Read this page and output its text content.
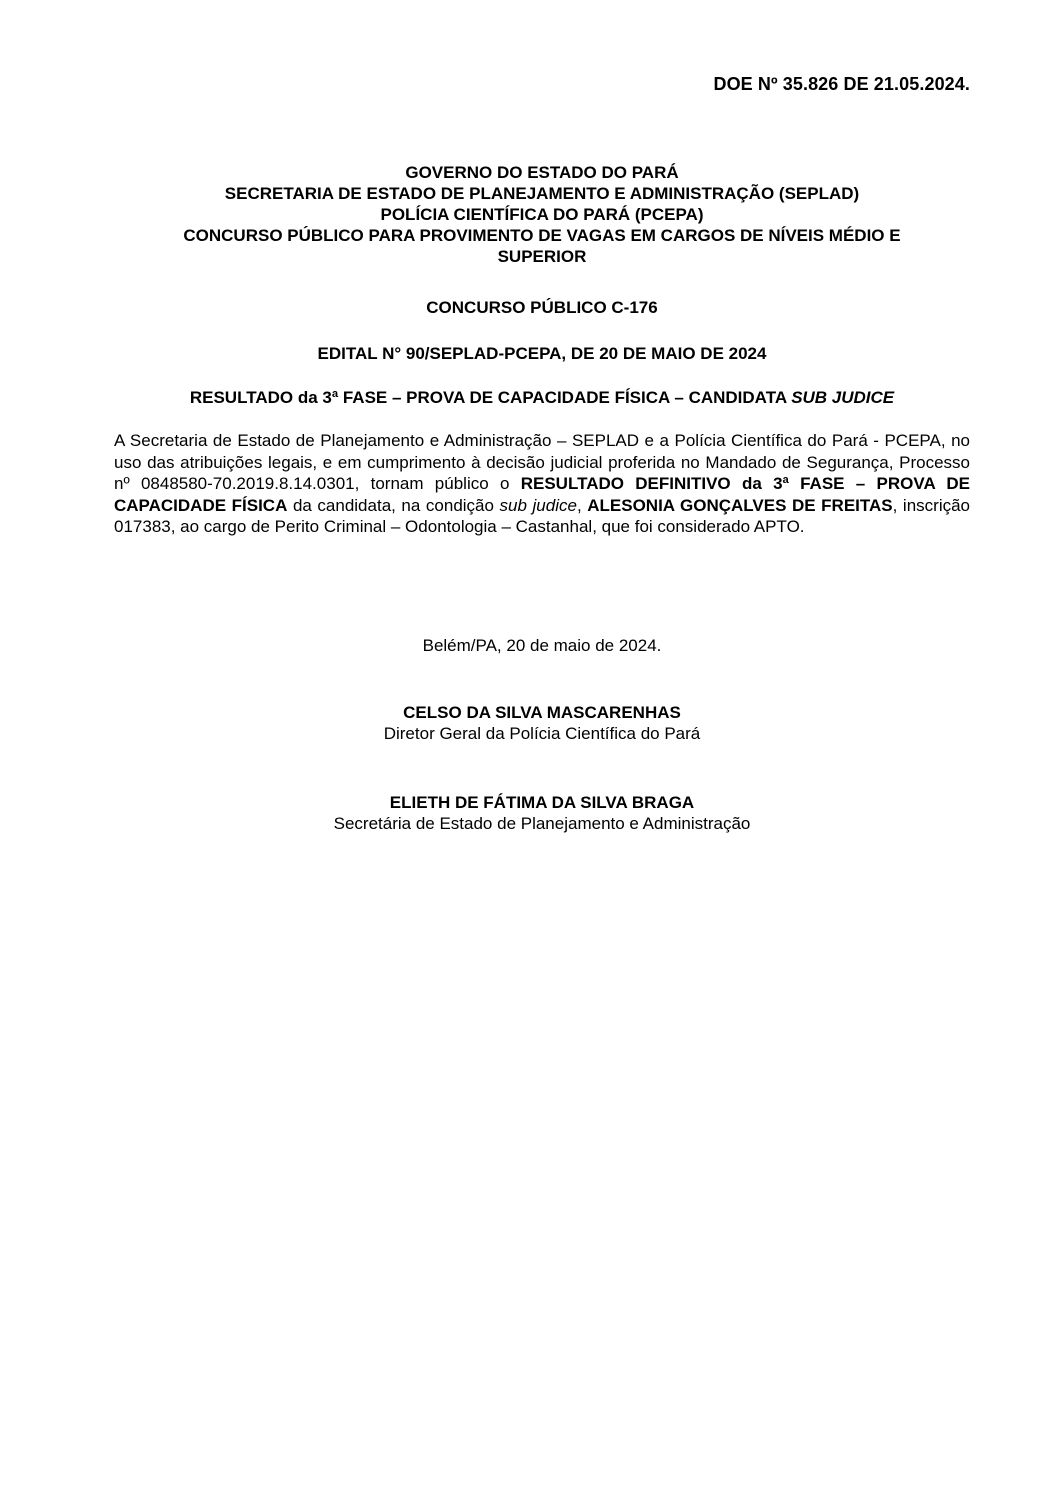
DOE Nº 35.826 DE 21.05.2024.
GOVERNO DO ESTADO DO PARÁ
SECRETARIA DE ESTADO DE PLANEJAMENTO E ADMINISTRAÇÃO (SEPLAD)
POLÍCIA CIENTÍFICA DO PARÁ (PCEPA)
CONCURSO PÚBLICO PARA PROVIMENTO DE VAGAS EM CARGOS DE NÍVEIS MÉDIO E
SUPERIOR
CONCURSO PÚBLICO C-176
EDITAL N° 90/SEPLAD-PCEPA, DE 20 DE MAIO DE 2024
RESULTADO da 3ª FASE – PROVA DE CAPACIDADE FÍSICA – CANDIDATA SUB JUDICE
A Secretaria de Estado de Planejamento e Administração – SEPLAD e a Polícia Científica do Pará - PCEPA, no uso das atribuições legais, e em cumprimento à decisão judicial proferida no Mandado de Segurança, Processo nº 0848580-70.2019.8.14.0301, tornam público o RESULTADO DEFINITIVO da 3ª FASE – PROVA DE CAPACIDADE FÍSICA da candidata, na condição sub judice, ALESONIA GONÇALVES DE FREITAS, inscrição 017383, ao cargo de Perito Criminal – Odontologia – Castanhal, que foi considerado APTO.
Belém/PA, 20 de maio de 2024.
CELSO DA SILVA MASCARENHAS
Diretor Geral da Polícia Científica do Pará
ELIETH DE FÁTIMA DA SILVA BRAGA
Secretária de Estado de Planejamento e Administração
